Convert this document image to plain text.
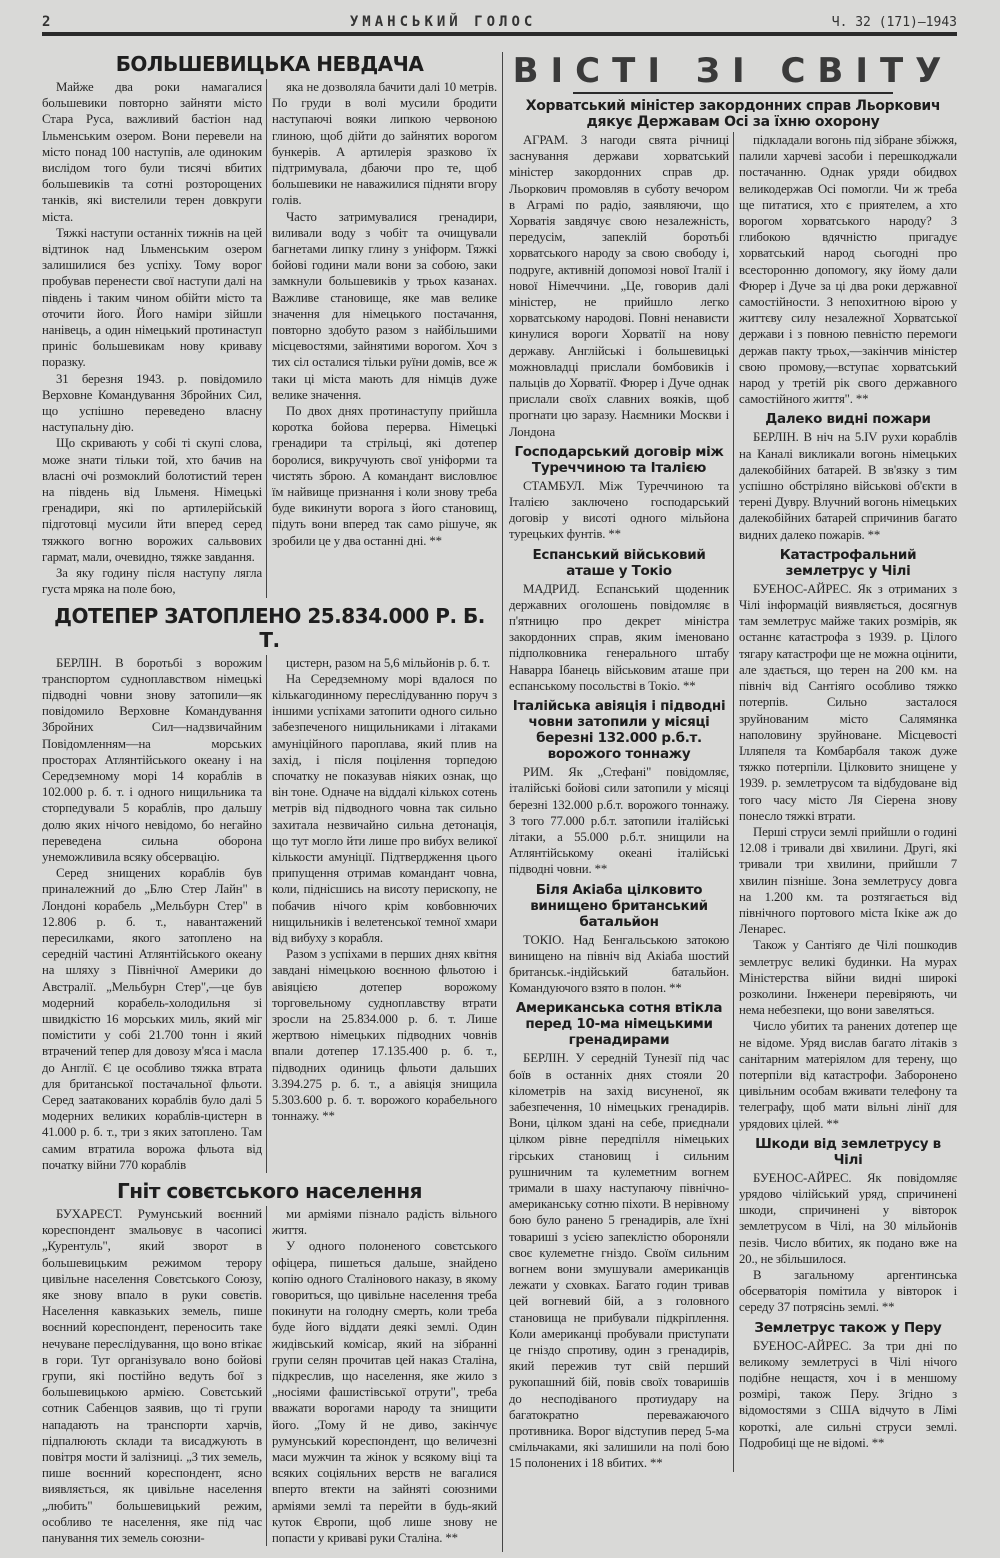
2	УМАНСЬКИЙ ГОЛОС	Ч. 32 (171)—1943
БОЛЬШЕВИЦЬКА НЕВДАЧА

Майже два роки намагалися большевики повторно зайняти місто Стара Руса, важливий бастіон над Ільменським озером. Вони перевели на місто понад 100 наступів, але одиноким вислідом того були тисячі вбитих большевиків та сотні розторощених танків, які вистелили терен довкруги міста.

Тяжкі наступи останніх тижнів на цей відтинок над Ільменським озером залишилися без успіху. Тому ворог пробував перенести свої наступи далі на південь і таким чином обійти місто та оточити його. Його наміри зійшли нанівець, а один німецький протинаступ приніс большевикам нову криваву поразку.

31 березня 1943. р. повідомило Верховне Командування Збройних Сил, що успішно переведено власну наступальну дію.

Що скривають у собі ті скупі слова, може знати тільки той, хто бачив на власні очі розмоклий болотистий терен на південь від Ільменя. Німецькі гренадири, які по артилерійській підготовці мусили йти вперед серед тяжкого вогню ворожих сальвових гармат, мали, очевидно, тяжке завдання.

За яку годину після наступу лягла густа мряка на поле бою,

яка не дозволяла бачити далі 10 метрів. По груди в волі мусили бродити наступаючі вояки липкою червоною глиною, щоб дійти до зайнятих ворогом бункерів. А артилерія зразково їх підтримувала, дбаючи про те, щоб большевики не наважилися підняти вгору голів.

Часто затримувалися гренадири, виливали воду з чобіт та очищували багнетами липку глину з уніформ. Тяжкі бойові години мали вони за собою, заки замкнули большевиків у трьох казанах. Важливе становище, яке мав велике значення для німецького постачання, повторно здобуто разом з найбільшими місцевостями, зайнятими ворогом. Хоч з тих сіл осталися тільки руїни домів, все ж таки ці міста мають для німців дуже велике значення.

По двох днях протинаступу прийшла коротка бойова перерва. Німецькі гренадири та стрільці, які дотепер боролися, викручують свої уніформи та чистять зброю. А командант висловлює їм найвище признання і коли знову треба буде викинути ворога з його становищ, підуть вони вперед так само рішуче, як зробили це у два останні дні. **

ДОТЕПЕР ЗАТОПЛЕНО 25.834.000 Р. Б. Т.

БЕРЛІН. В боротьбі з ворожим транспортом судноплавством німецькі підводні човни знову затопили—як повідомило Верховне Командування Збройних Сил—надзвичайним Повідомленням—на морських просторах Атлянтійського океану і на Середземному морі 14 кораблів в 102.000 р. б. т. і одного нищильника та сторпедували 5 кораблів, про дальшу долю яких нічого невідомо, бо негайно переведена сильна оборона унеможливила всяку обсервацію.

Серед знищених кораблів був приналежний до „Блю Стер Лайн" в Лондоні корабель „Мельбурн Стер" в 12.806 р. б. т., навантажений пересилками, якого затоплено на середній частині Атлянтійського океану на шляху з Північної Америки до Австралії. „Мельбурн Стер",—це був модерний корабель-холодильня зі швидкістю 16 морських миль, який міг помістити у собі 21.700 тонн і який втрачений тепер для довозу м'яса і масла до Англії. Є це особливо тяжка втрата для британської постачальної фльоти. Серед заатакованих кораблів було далі 5 модерних великих кораблів-цистерн в 41.000 р. б. т., три з яких затоплено. Там самим втратила ворожа фльота від початку війни 770 кораблів

цистерн, разом на 5,6 мільйонів р. б. т.

На Середземному морі вдалося по кількагодинному переслідуванню поруч з іншими успіхами затопити одного сильно забезпеченого нищильниками і літаками амуніційного пароплава, який плив на захід, і після поцілення торпедою спочатку не показував ніяких ознак, що він тоне. Одначе на віддалі кількох сотень метрів від підводного човна так сильно захитала незвичайно сильна детонація, що тут могло йти лише про вибух великої кількости амуніції. Підтвердження цього припущення отримав командант човна, коли, піднісшись на висоту перископу, не побачив нічого крім ковбовнючих нищильників і велетенської темної хмари від вибуху з корабля.

Разом з успіхами в перших днях квітня завдані німецькою воєнною фльотою і авіяцією дотепер ворожому торговельному судноплавству втрати зросли на 25.834.000 р. б. т. Лише жертвою німецьких підводних човнів впали дотепер 17.135.400 р. б. т., підводних одиниць фльоти дальших 3.394.275 р. б. т., а авіяція знищила 5.303.600 р. б. т. ворожого корабельного тоннажу. **

Гніт совєтського населення

БУХАРЕСТ. Румунський воєнний кореспондент змальовує в часописі „Курентуль", який зворот в большевицьким режимом терору цивільне населення Совєтського Союзу, яке знову впало в руки совєтів. Населення кавказьких земель, пише воєнний кореспондент, переносить таке нечуване переслідування, що воно втікає в гори. Тут організувало воно бойові групи, які постійно ведуть бої з большевицькою армією. Совєтський сотник Сабенцов заявив, що ті групи нападають на транспорти харчів, підпалюють склади та висаджують в повітря мости й залізниці. „З тих земель, пише воєнний кореспондент, ясно виявляється, як цивільне населення „любить" большевицький режим, особливо те населення, яке під час панування тих земель союзни-

ми арміями пізнало радість вільного життя.

У одного полоненого совєтського офіцера, пишеться дальше, знайдено копію одного Сталінового наказу, в якому говориться, що цивільне населення треба покинути на голодну смерть, коли треба буде його віддати деякі землі. Один жидівський комісар, який на зібранні групи селян прочитав цей наказ Сталіна, підкреслив, що населення, яке жило з „носіями фашистівської отрути", треба вважати ворогами народу та знищити його. „Тому й не диво, закінчує румунський кореспондент, що величезні маси мужчин та жінок у всякому віці та всяких соціяльних верств не вагалися вперто втекти на зайняті союзними арміями землі та перейти в будь-який куток Європи, щоб лише знову не попасти у криваві руки Сталіна. **

ВІСТІ ЗІ СВІТУ
Хорватський міністер закордонних справ Льоркович дякує Державам Осі за їхню охорону

АГРАМ. З нагоди свята річниці заснування держави хорватський міністер закордонних справ др. Льоркович промовляв в суботу вечором в Аграмі по радіо, заявляючи, що Хорватія завдячує свою незалежність, передусім, запеклій боротьбі хорватського народу за свою свободу і, подруге, активній допомозі нової Італії і нової Німеччини. „Це, говорив далі міністер, не прийшло легко хорватському народові. Повні ненависти кинулися вороги Хорватії на нову державу. Англійські і большевицькі можновладці прислали бомбовиків і пальців до Хорватії. Фюрер і Дуче однак прислали своїх славних вояків, щоб прогнати цю заразу. Наємники Москви і Лондона

Господарський договір між Туреччиною та Італією

СТАМБУЛ. Між Туреччиною та Італією заключено господарський договір у висоті одного мільйона турецьких фунтів. **

Еспанський військовий аташе у Токіо

МАДРИД. Еспанський щоденник державних оголошень повідомляє в п'ятницю про декрет міністра закордонних справ, яким іменовано підполковника генерального штабу Наварра Ібанець військовим аташе при еспанському посольстві в Токіо. **

Італійська авіяція і підводні човни затопили у місяці березні 132.000 р.б.т. ворожого тоннажу

РИМ. Як „Стефані" повідомляє, італійські бойові сили затопили у місяці березні 132.000 р.б.т. ворожого тоннажу. З того 77.000 р.б.т. затопили італійські літаки, а 55.000 р.б.т. знищили на Атлянтійському океані італійські підводні човни. **

Біля Акіаба цілковито винищено британський батальйон

ТОКІО. Над Бенгальською затокою винищено на північ від Акіаба шостий британськ.-індійський батальйон. Командуючого взято в полон. **

Американська сотня втікла перед 10-ма німецькими гренадирами

БЕРЛІН. У середній Тунезії під час боїв в останніх днях стояли 20 кілометрів на захід висуненої, як забезпечення, 10 німецьких гренадирів. Вони, цілком здані на себе, приєднали цілком рівне передпілля німецьких гірських становищ і сильним рушничним та кулеметним вогнем тримали в шаху наступаючу північно-американську сотню піхоти. В нерівному бою було ранено 5 гренадирів, але їхні товариші з усією запеклістю обороняли своє кулеметне гніздо. Своїм сильним вогнем вони змушували американців лежати у сховках. Багато годин тривав цей вогневий бій, а з головного становища не прибували підкріплення. Коли американці пробували приступати це гніздо спротиву, один з гренадирів, який пережив тут свій перший рукопашний бій, повів своїх товаришів до несподіваного протиудару на багатократно переважаючого противника. Ворог відступив перед 5-ма смільчаками, які залишили на полі бою 15 полонених і 18 вбитих. **

підкладали вогонь під зібране збіжжя, палили харчеві засоби і перешкоджали постачанню. Однак уряди обидвох великодержав Осі помогли. Чи ж треба ще питатися, хто є приятелем, а хто ворогом хорватського народу? З глибокою вдячністю пригадує хорватський народ сьогодні про всесторонню допомогу, яку йому дали Фюрер і Дуче за ці два роки державної самостійности. З непохитною вірою у життєву силу незалежної Хорватської держави і з повною певністю перемоги держав пакту трьох,—закінчив міністер свою промову,—вступає хорватський народ у третій рік свого державного самостійного життя". **

Далеко видні пожари

БЕРЛІН. В ніч на 5.IV рухи кораблів на Каналі викликали вогонь німецьких далекобійних батарей. В зв'язку з тим успішно обстріляно військові об'єкти в терені Дувру. Влучний вогонь німецьких далекобійних батарей спричинив багато видних далеко пожарів. **

Катастрофальний землетрус у Чілі

БУЕНОС-АЙРЕС. Як з отриманих з Чілі інформацій виявляється, досягнув там землетрус майже таких розмірів, як останнє катастрофа з 1939. р. Цілого тягару катастрофи ще не можна оцінити, але здається, що терен на 200 км. на північ від Сантіяго особливо тяжко потерпів. Сильно засталося зруйнованим місто Салямянка наполовину зруйноване. Місцевості Ілляпеля та Комбарбаля також дуже тяжко потерпіли. Цілковито знищене у 1939. р. землетрусом та відбудоване від того часу місто Ля Сіерена знову понесло тяжкі втрати.

Перші струси землі прийшли о годині 12.08 і тривали дві хвилини. Другі, які тривали три хвилини, прийшли 7 хвилин пізніше. Зона землетрусу довга на 1.200 км. та розтягається від північного портового міста Ікіке аж до Ленарес.

Також у Сантіяго де Чілі пошкодив землетрус великі будинки. На мурах Міністерства війни видні широкі розколини. Інженери перевіряють, чи нема небезпеки, що вони завеляться.

Число убитих та ранених дотепер ще не відоме. Уряд вислав багато літаків з санітарним матеріялом для терену, що потерпіли від катастрофи. Заборонено цивільним особам вживати телефону та телеграфу, щоб мати вільні лінії для урядових цілей. **

Шкоди від землетрусу в Чілі

БУЕНОС-АЙРЕС. Як повідомляє урядово чілійський уряд, спричинені шкоди, спричинені у вівторок землетрусом в Чілі, на 30 мільйонів пезів. Число вбитих, як подано вже на 20., не збільшилося.

В загальному аргентинська обсерваторія помітила у вівторок і середу 37 потрясінь землі. **

Землетрус також у Перу

БУЕНОС-АЙРЕС. За три дні по великому землетрусі в Чілі нічого подібне нещастя, хоч і в меншому розмірі, також Перу. Згідно з відомостями з США відчуто в Лімі короткі, але сильні струси землі. Подробиці ще не відомі. **
